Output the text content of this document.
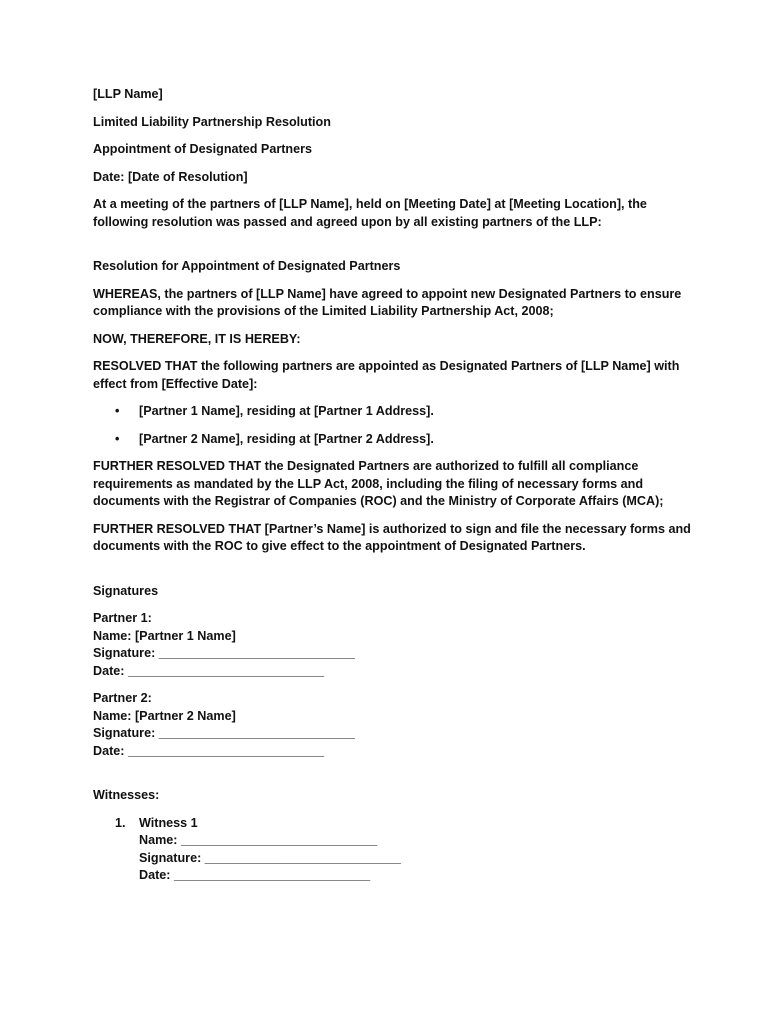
[LLP Name]

Limited Liability Partnership Resolution

Appointment of Designated Partners

Date: [Date of Resolution]

At a meeting of the partners of [LLP Name], held on [Meeting Date] at [Meeting Location], the following resolution was passed and agreed upon by all existing partners of the LLP:

Resolution for Appointment of Designated Partners

WHEREAS, the partners of [LLP Name] have agreed to appoint new Designated Partners to ensure compliance with the provisions of the Limited Liability Partnership Act, 2008;

NOW, THEREFORE, IT IS HEREBY:

RESOLVED THAT the following partners are appointed as Designated Partners of [LLP Name] with effect from [Effective Date]:

• [Partner 1 Name], residing at [Partner 1 Address].
• [Partner 2 Name], residing at [Partner 2 Address].

FURTHER RESOLVED THAT the Designated Partners are authorized to fulfill all compliance requirements as mandated by the LLP Act, 2008, including the filing of necessary forms and documents with the Registrar of Companies (ROC) and the Ministry of Corporate Affairs (MCA);

FURTHER RESOLVED THAT [Partner’s Name] is authorized to sign and file the necessary forms and documents with the ROC to give effect to the appointment of Designated Partners.

Signatures

Partner 1:
Name: [Partner 1 Name]
Signature: ____________________________
Date: ____________________________
Partner 2:
Name: [Partner 2 Name]
Signature: ____________________________
Date: ____________________________

Witnesses:

1. Witness 1
Name: ____________________________
Signature: ____________________________
Date: ____________________________
